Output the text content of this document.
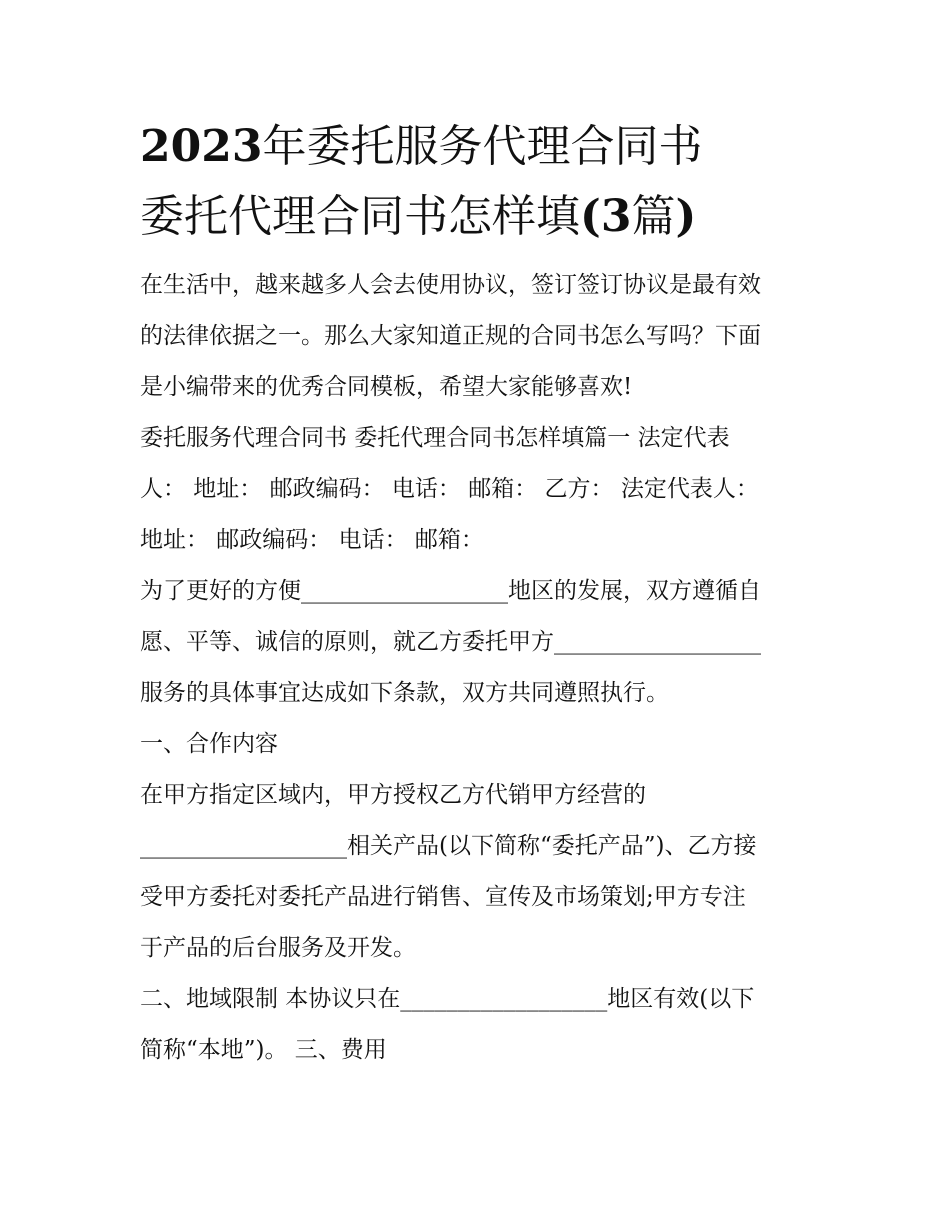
2023年委托服务代理合同书
委托代理合同书怎样填(3篇)

在生活中，越来越多人会去使用协议，签订签订协议是最有效

的法律依据之一。那么大家知道正规的合同书怎么写吗？下面

是小编带来的优秀合同模板，希望大家能够喜欢!

委托服务代理合同书 委托代理合同书怎样填篇一 法定代表

人： 地址： 邮政编码： 电话： 邮箱： 乙方： 法定代表人：

地址： 邮政编码： 电话： 邮箱：

为了更好的方便__________________地区的发展，双方遵循自

愿、平等、诚信的原则，就乙方委托甲方__________________

服务的具体事宜达成如下条款，双方共同遵照执行。

一、合作内容

在甲方指定区域内，甲方授权乙方代销甲方经营的

__________________相关产品(以下简称“委托产品”)、乙方接

受甲方委托对委托产品进行销售、宣传及市场策划;甲方专注

于产品的后台服务及开发。

二、地域限制 本协议只在__________________地区有效(以下

简称“本地”)。 三、费用
